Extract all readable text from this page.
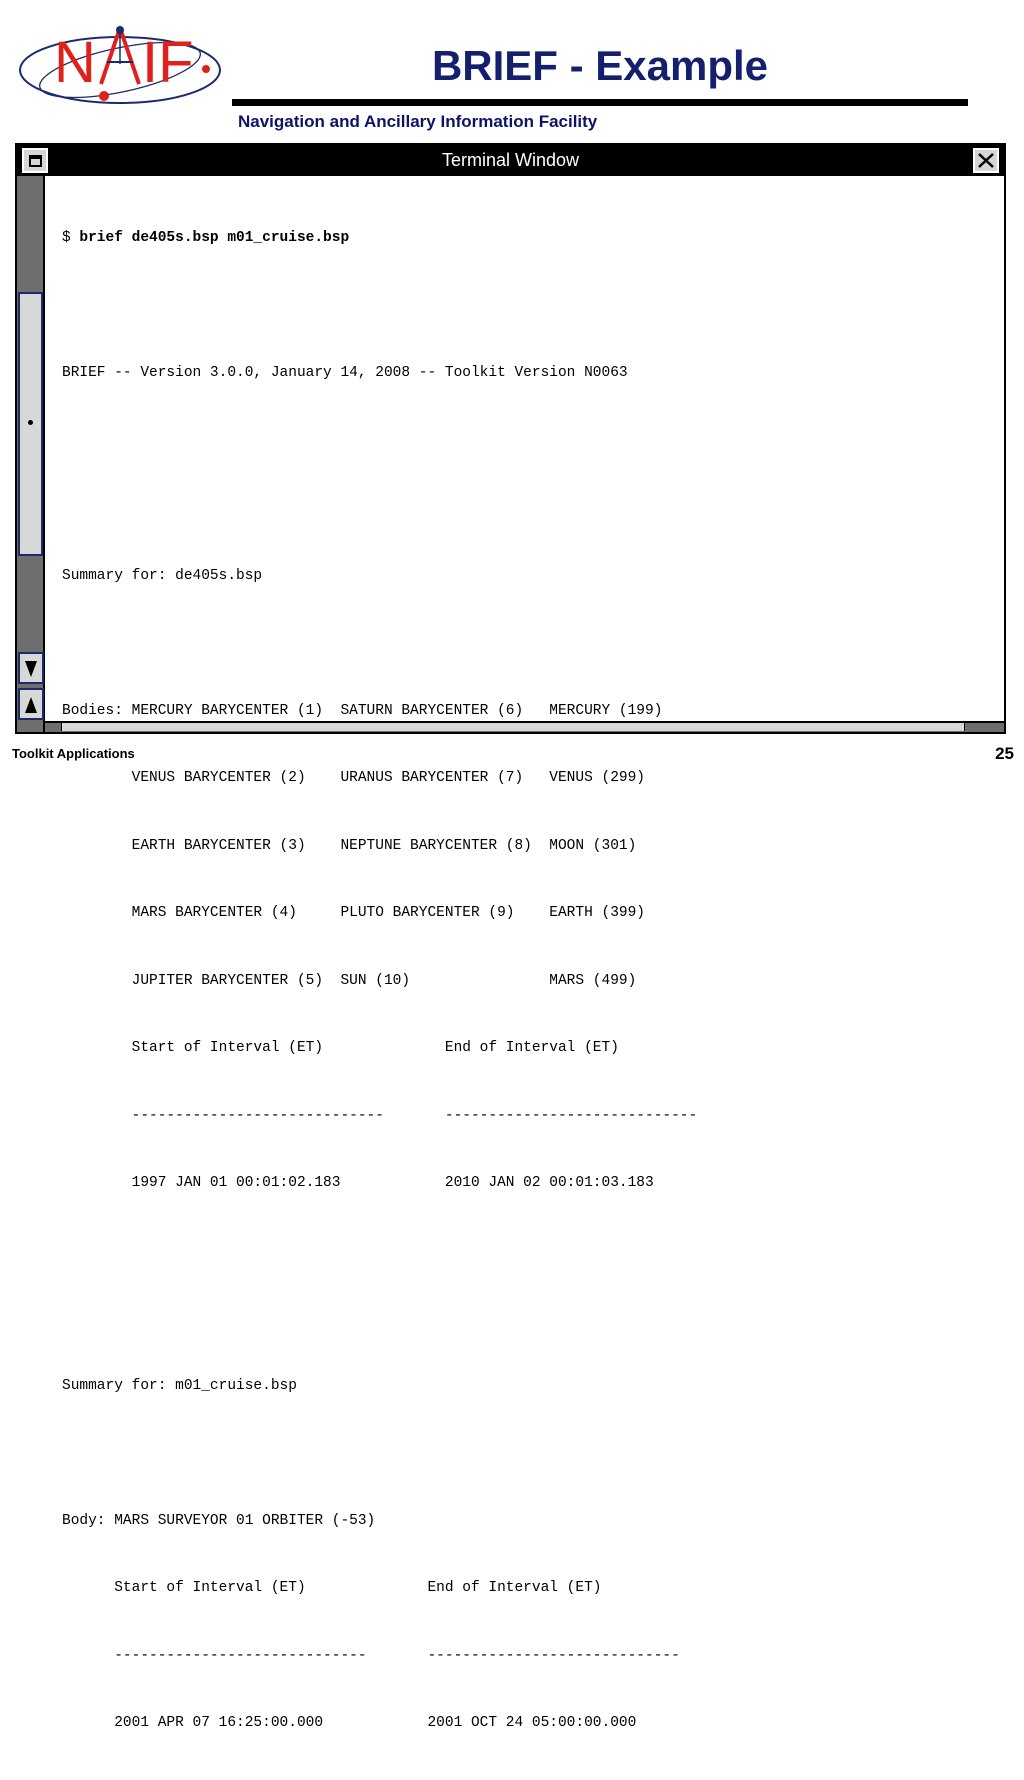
N IF	BRIEF - Example
Navigation and Ancillary Information Facility
Terminal Window

$ brief de405s.bsp m01_cruise.bsp

BRIEF -- Version 3.0.0, January 14, 2008 -- Toolkit Version N0063

Summary for: de405s.bsp

Bodies: MERCURY BARYCENTER (1)  SATURN BARYCENTER (6)   MERCURY (199)

VENUS BARYCENTER (2)    URANUS BARYCENTER (7)   VENUS (299)

EARTH BARYCENTER (3)    NEPTUNE BARYCENTER (8)  MOON (301)

MARS BARYCENTER (4)     PLUTO BARYCENTER (9)    EARTH (399)

JUPITER BARYCENTER (5)  SUN (10)                MARS (499)

Start of Interval (ET)              End of Interval (ET)

-----------------------------       -----------------------------

1997 JAN 01 00:01:02.183            2010 JAN 02 00:01:03.183

Summary for: m01_cruise.bsp

Body: MARS SURVEYOR 01 ORBITER (-53)

Start of Interval (ET)              End of Interval (ET)

-----------------------------       -----------------------------

2001 APR 07 16:25:00.000            2001 OCT 24 05:00:00.000

Toolkit Applications	25
